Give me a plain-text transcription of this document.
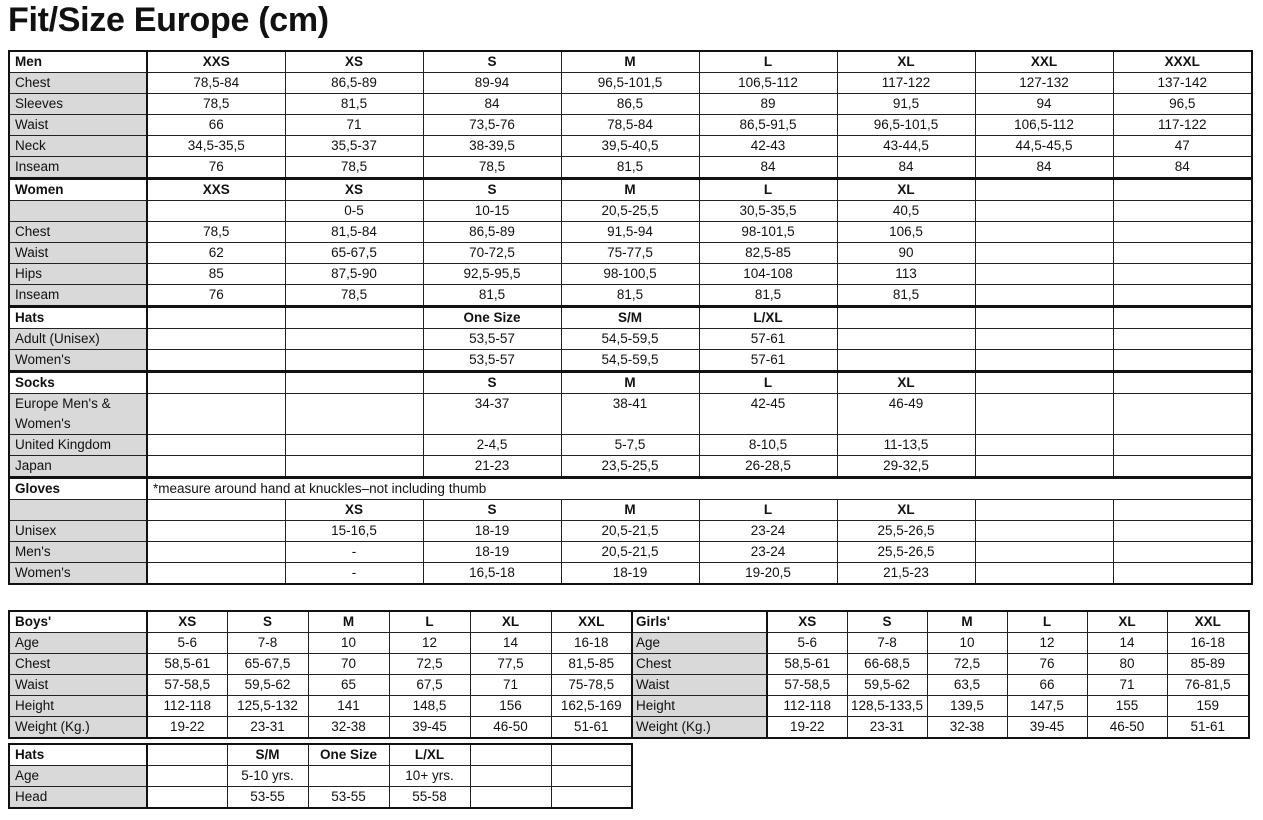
Fit/Size Europe (cm)
Men	XXS	XS	S	M	L	XL	XXL	XXXL
Chest	78,5-84	86,5-89	89-94	96,5-101,5	106,5-112	117-122	127-132	137-142
Sleeves	78,5	81,5	84	86,5	89	91,5	94	96,5
Waist	66	71	73,5-76	78,5-84	86,5-91,5	96,5-101,5	106,5-112	117-122
Neck	34,5-35,5	35,5-37	38-39,5	39,5-40,5	42-43	43-44,5	44,5-45,5	47
Inseam	76	78,5	78,5	81,5	84	84	84	84
Women	XXS	XS	S	M	L	XL		
		0-5	10-15	20,5-25,5	30,5-35,5	40,5		
Chest	78,5	81,5-84	86,5-89	91,5-94	98-101,5	106,5		
Waist	62	65-67,5	70-72,5	75-77,5	82,5-85	90		
Hips	85	87,5-90	92,5-95,5	98-100,5	104-108	113		
Inseam	76	78,5	81,5	81,5	81,5	81,5		
Hats			One Size	S/M	L/XL			
Adult (Unisex)			53,5-57	54,5-59,5	57-61			
Women's			53,5-57	54,5-59,5	57-61			
Socks			S	M	L	XL		
Europe Men's & Women's			34-37	38-41	42-45	46-49		
United Kingdom			2-4,5	5-7,5	8-10,5	11-13,5		
Japan			21-23	23,5-25,5	26-28,5	29-32,5		
Gloves	*measure around hand at knuckles–not including thumb							
		XS	S	M	L	XL		
Unisex		15-16,5	18-19	20,5-21,5	23-24	25,5-26,5		
Men's		-	18-19	20,5-21,5	23-24	25,5-26,5		
Women's		-	16,5-18	18-19	19-20,5	21,5-23		
Boys'	XS	S	M	L	XL	XXL	Girls'	XS	S	M	L	XL	XXL
Age	5-6	7-8	10	12	14	16-18	Age	5-6	7-8	10	12	14	16-18
Chest	58,5-61	65-67,5	70	72,5	77,5	81,5-85	Chest	58,5-61	66-68,5	72,5	76	80	85-89
Waist	57-58,5	59,5-62	65	67,5	71	75-78,5	Waist	57-58,5	59,5-62	63,5	66	71	76-81,5
Height	112-118	125,5-132	141	148,5	156	162,5-169	Height	112-118	128,5-133,5	139,5	147,5	155	159
Weight (Kg.)	19-22	23-31	32-38	39-45	46-50	51-61	Weight (Kg.)	19-22	23-31	32-38	39-45	46-50	51-61
Hats		S/M	One Size	L/XL		
Age		5-10 yrs.		10+ yrs.		
Head		53-55	53-55	55-58		
